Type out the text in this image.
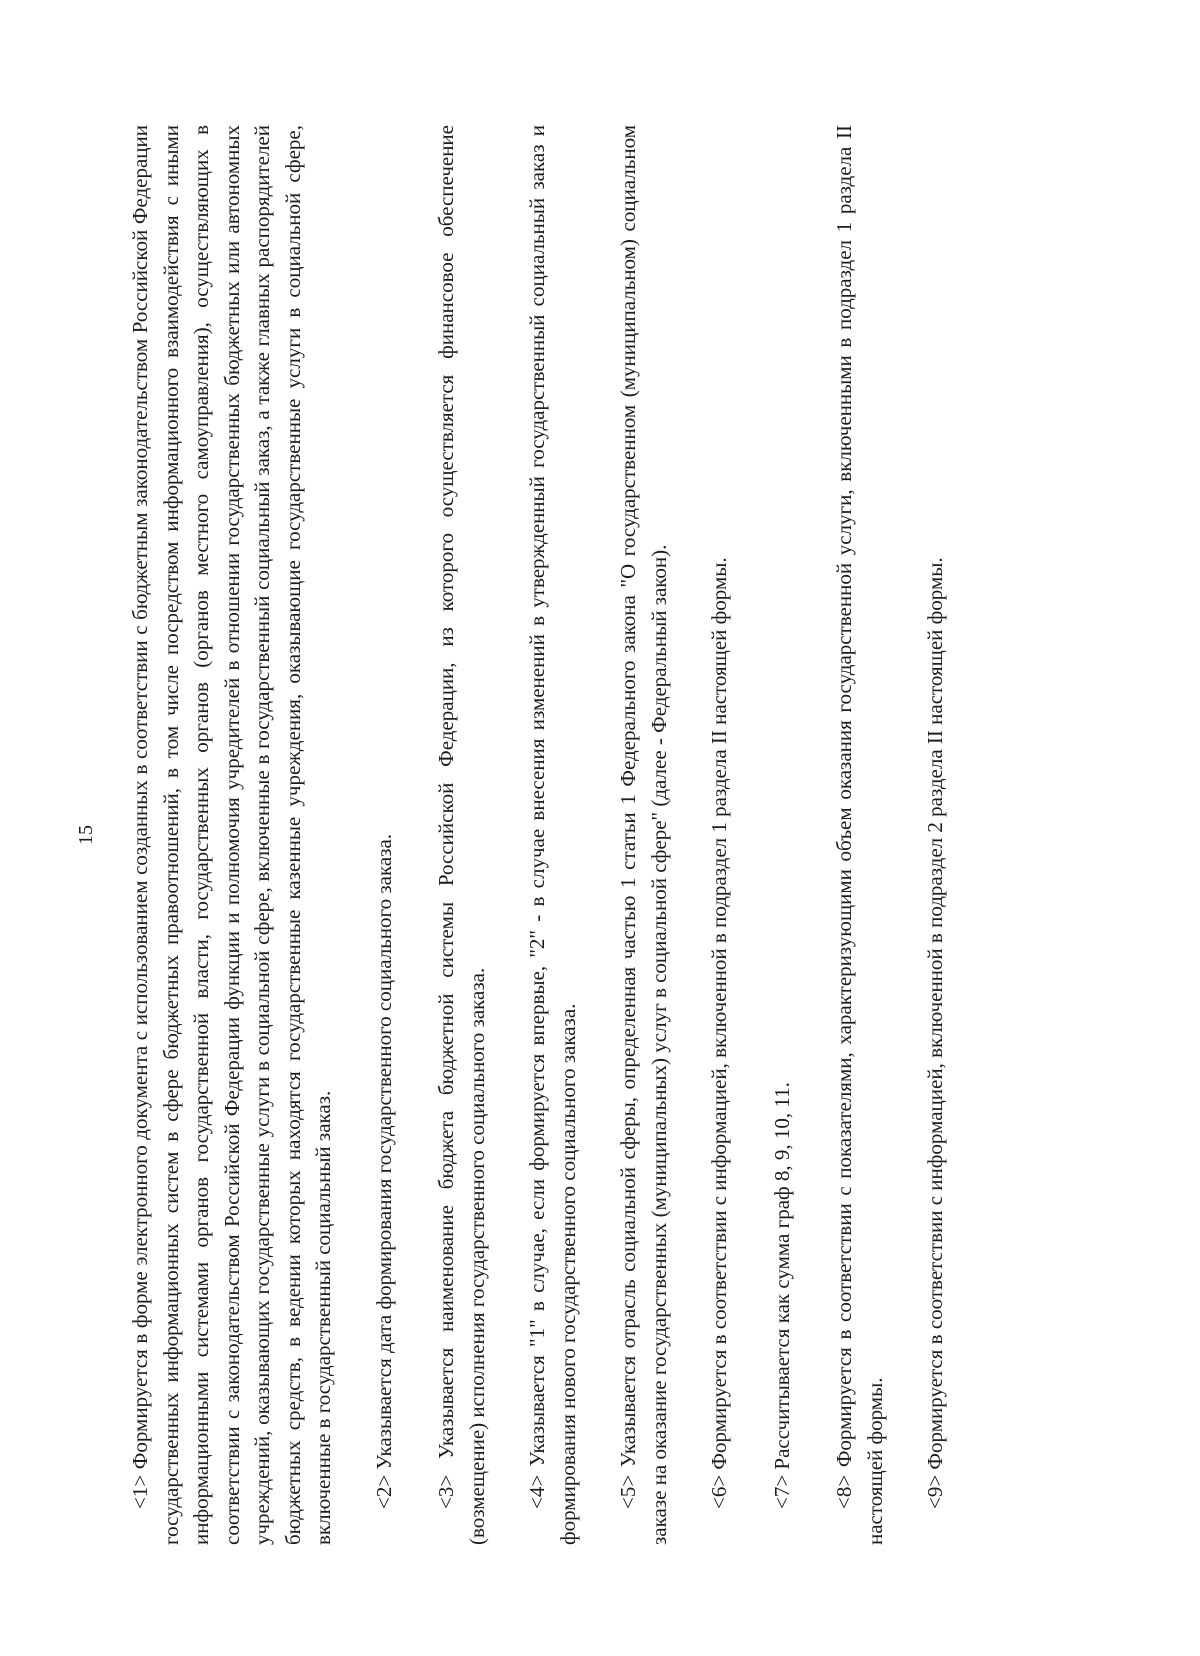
15 <1> Формируется в форме электронного документа с использованием созданных в соответствии с бюджетным законодательством Российской Федерации государственных информационных систем в сфере бюджетных правоотношений, в том числе посредством информационного взаимодействия с иными информационными системами органов государственной власти, государственных органов (органов местного самоуправления), осуществляющих в соответствии с законодательством Российской Федерации функции и полномочия учредителей в отношении государственных бюджетных или автономных учреждений, оказывающих государственные услуги в социальной сфере, включенные в государственный социальный заказ, а также главных распорядителей бюджетных средств, в ведении которых находятся государственные казенные учреждения, оказывающие государственные услуги в социальной сфере, включенные в государственный социальный заказ. <2> Указывается дата формирования государственного социального заказа. <3> Указывается наименование бюджета бюджетной системы Российской Федерации, из которого осуществляется финансовое обеспечение (возмещение) исполнения государственного социального заказа. <4> Указывается "1" в случае, если формируется впервые, "2" - в случае внесения изменений в утвержденный государственный социальный заказ и формирования нового государственного социального заказа. <5> Указывается отрасль социальной сферы, определенная частью 1 статьи 1 Федерального закона "О государственном (муниципальном) социальном заказе на оказание государственных (муниципальных) услуг в социальной сфере" (далее - Федеральный закон). <6> Формируется в соответствии с информацией, включенной в подраздел 1 раздела II настоящей формы. <7> Рассчитывается как сумма граф 8, 9, 10, 11. <8> Формируется в соответствии с показателями, характеризующими объем оказания государственной услуги, включенными в подраздел 1 раздела II настоящей формы. <9> Формируется в соответствии с информацией, включенной в подраздел 2 раздела II настоящей формы.
